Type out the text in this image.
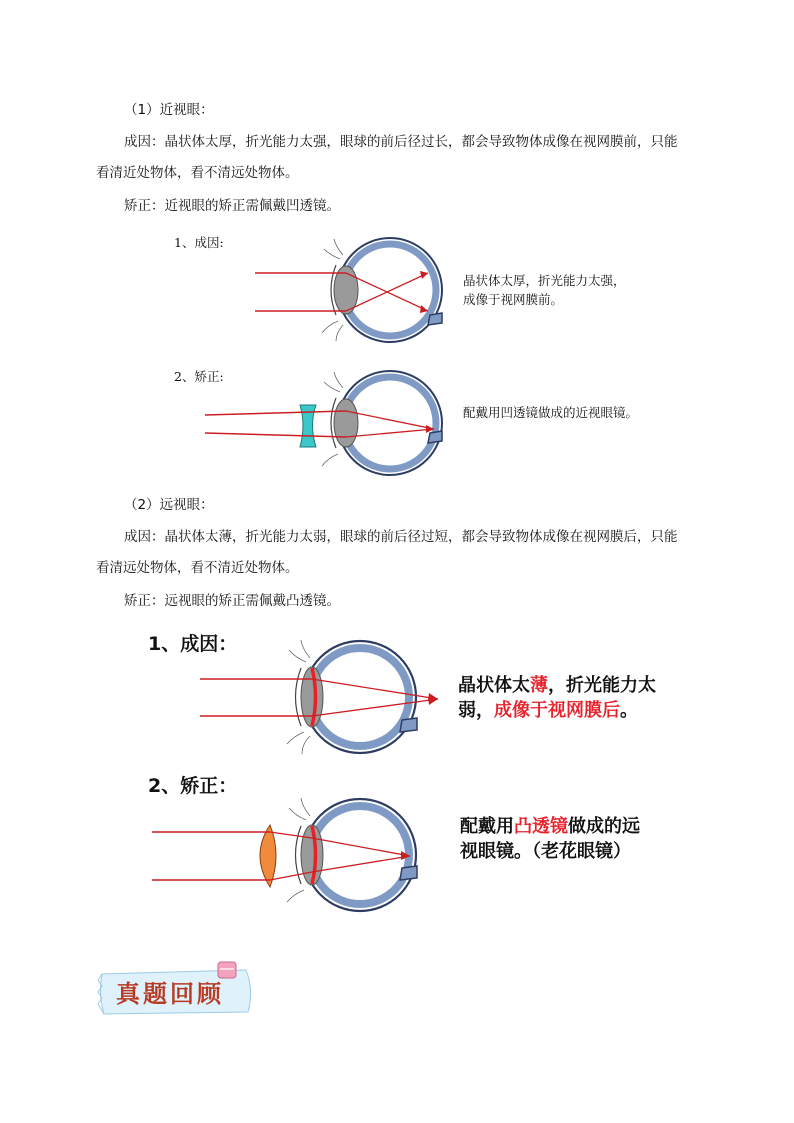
（1）近视眼：
成因：晶状体太厚，折光能力太强，眼球的前后径过长，都会导致物体成像在视网膜前，只能
看清近处物体，看不清远处物体。
矫正：近视眼的矫正需佩戴凹透镜。
1、成因:
晶状体太厚，折光能力太强，
成像于视网膜前。
2、矫正:
配戴用凹透镜做成的近视眼镜。
（2）远视眼：
成因：晶状体太薄，折光能力太弱，眼球的前后径过短，都会导致物体成像在视网膜后，只能
看清远处物体，看不清近处物体。
矫正：远视眼的矫正需佩戴凸透镜。
1、成因：
2、矫正：
晶状体太薄，折光能力太
弱，成像于视网膜后。
配戴用凸透镜做成的远
视眼镜。（老花眼镜）
真题回顾
